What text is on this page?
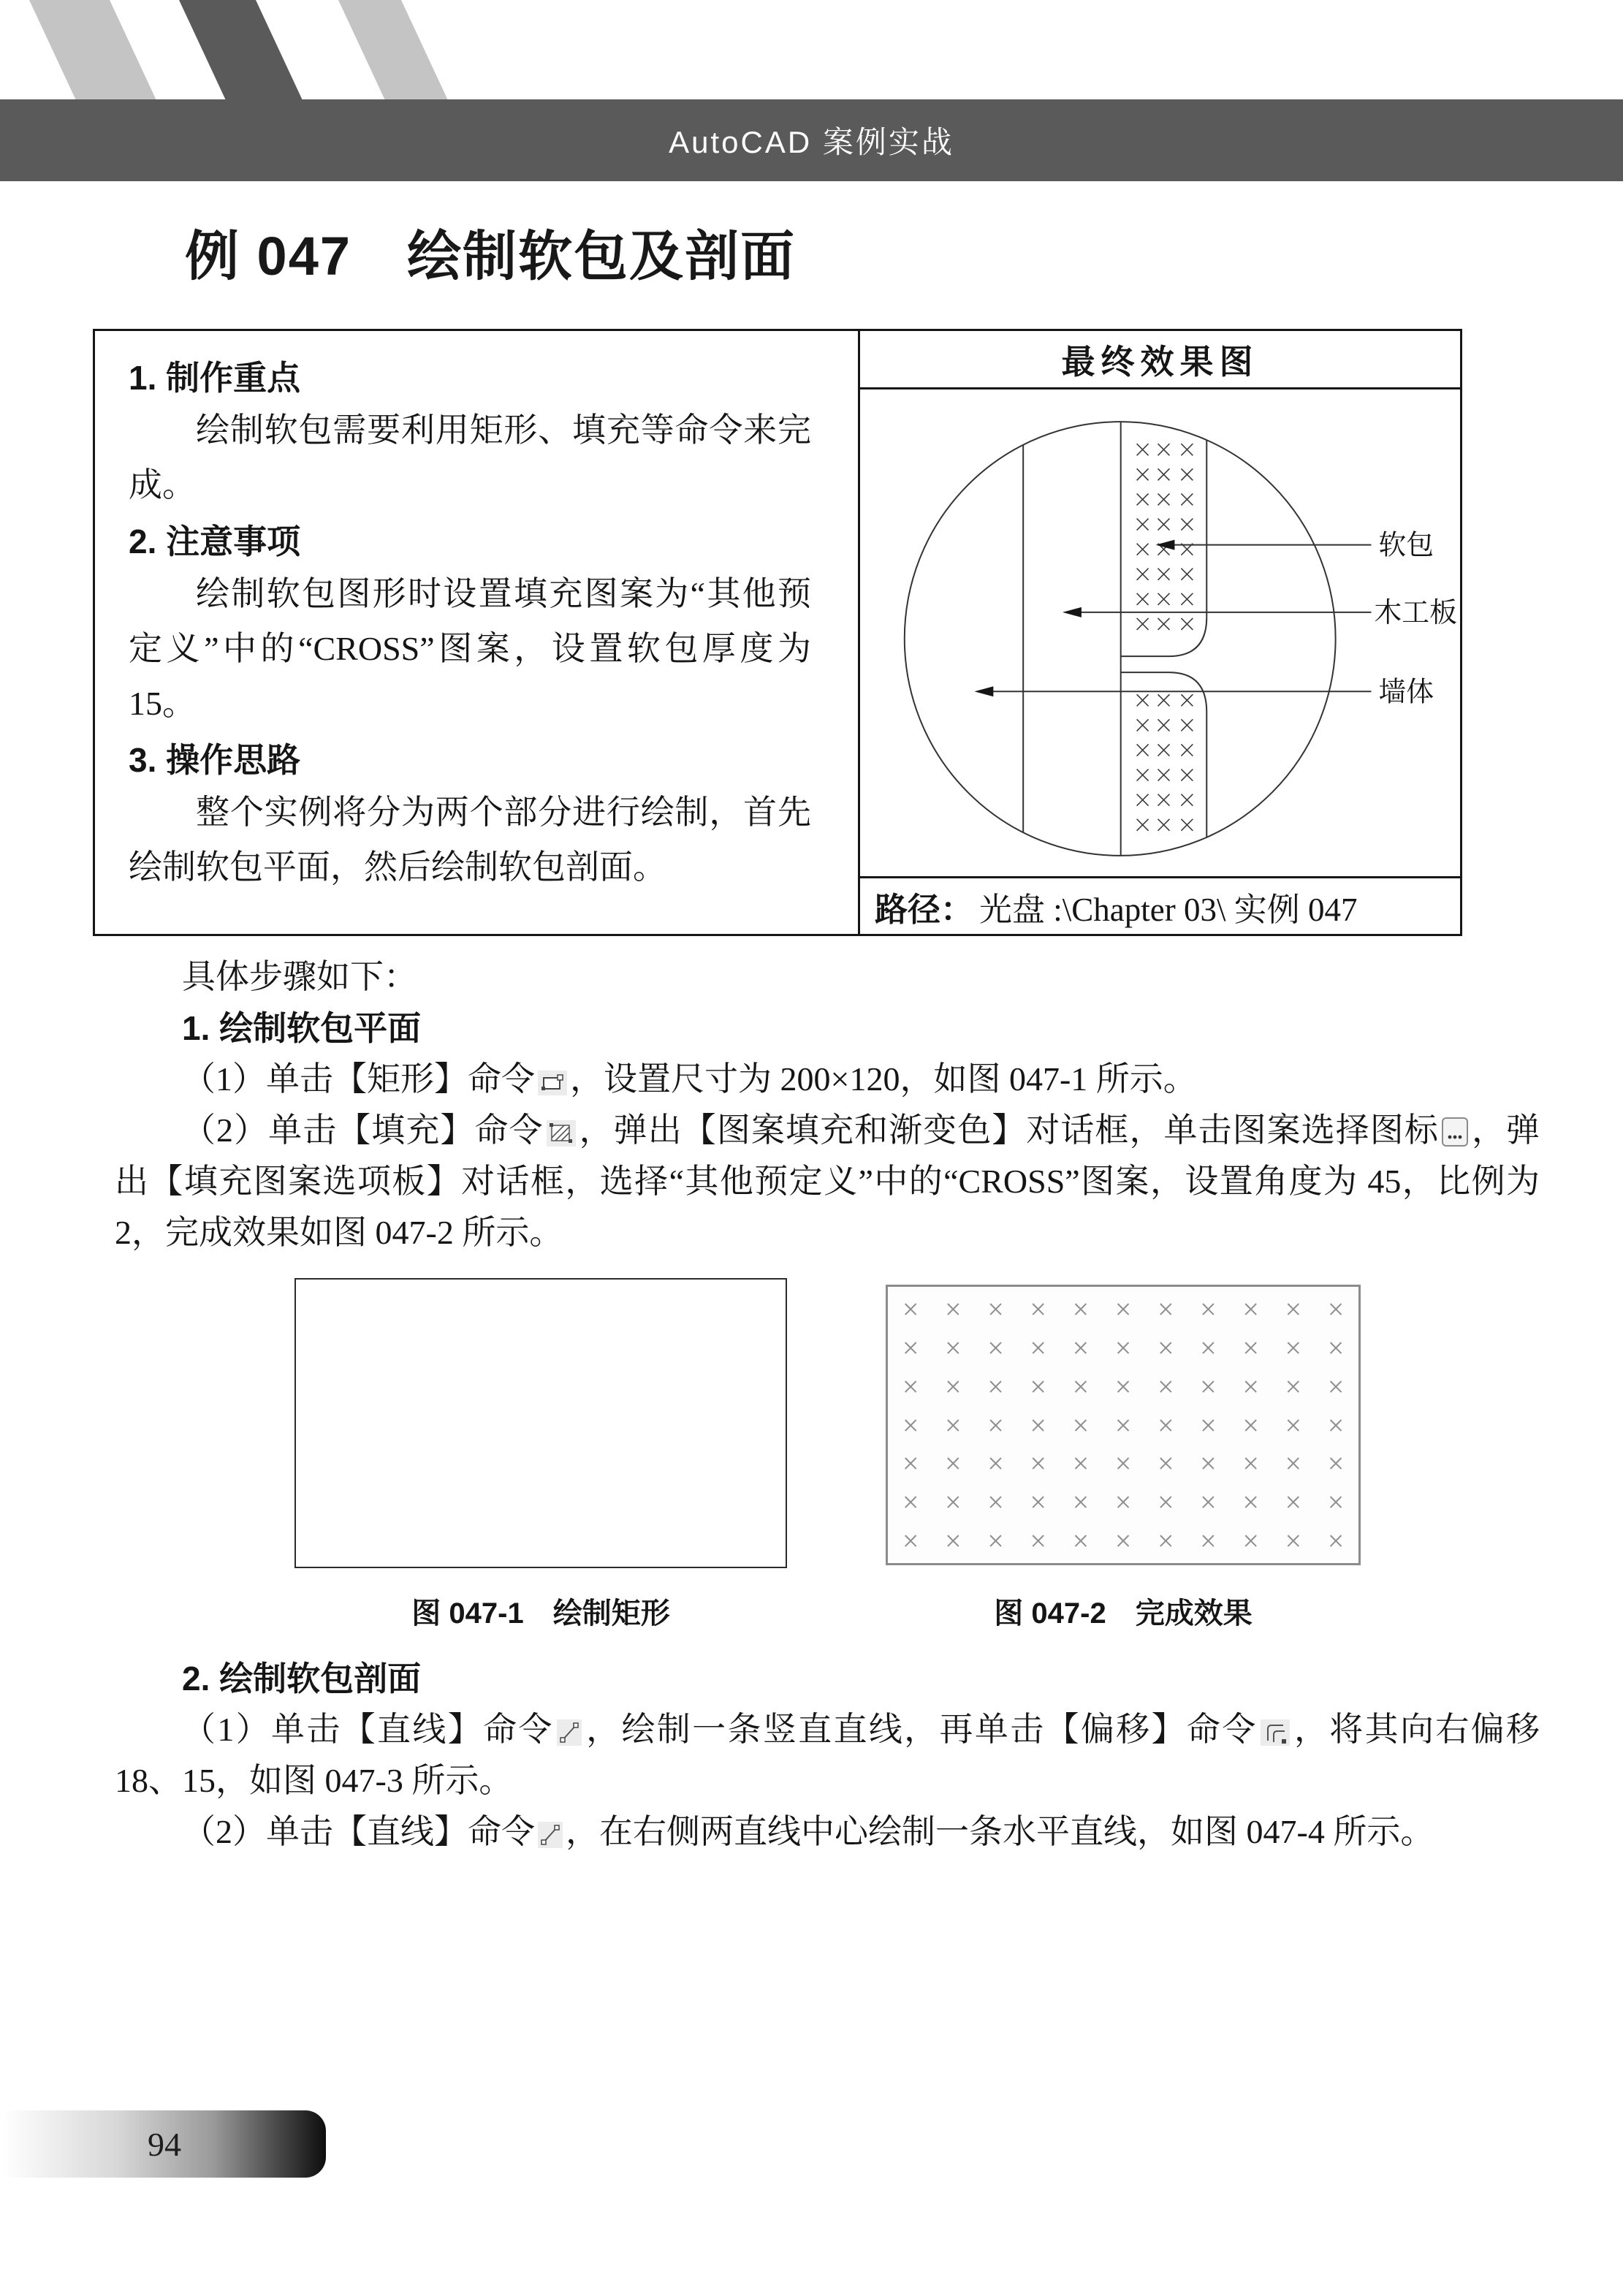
AutoCAD 案例实战
例 047　绘制软包及剖面
1. 制作重点

绘制软包需要利用矩形、填充等命令来完成。

2. 注意事项

绘制软包图形时设置填充图案为“其他预定义”中的“CROSS”图案，设置软包厚度为 15。

3. 操作思路

整个实例将分为两个部分进行绘制，首先绘制软包平面，然后绘制软包剖面。

最终效果图
软包
木工板
墙体
路径： 光盘 :\Chapter 03\ 实例 047
具体步骤如下：
1. 绘制软包平面
（1）单击【矩形】命令 ，设置尺寸为 200×120，如图 047-1 所示。
（2）单击【填充】命令 ，弹出【图案填充和渐变色】对话框，单击图案选择图标 ，弹出【填充图案选项板】对话框，选择“其他预定义”中的“CROSS”图案，设置角度为 45，比例为 2，完成效果如图 047-2 所示。
× × × × × × × × × × ×
× × × × × × × × × × ×
× × × × × × × × × × ×
× × × × × × × × × × ×
× × × × × × × × × × ×
× × × × × × × × × × ×
× × × × × × × × × × ×
图 047-1　绘制矩形	图 047-2　完成效果
2. 绘制软包剖面
（1）单击【直线】命令 ，绘制一条竖直直线，再单击【偏移】命令 ，将其向右偏移 18、15，如图 047-3 所示。
（2）单击【直线】命令 ，在右侧两直线中心绘制一条水平直线，如图 047-4 所示。
94
